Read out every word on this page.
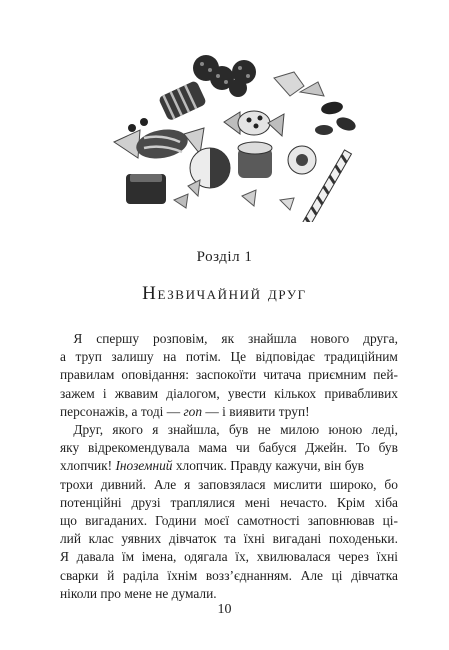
Розділ 1
Незвичайний друг
Я спершу розповім, як знайшла нового друга,
а труп залишу на потім. Це відповідає традиційним
правилам оповідання: заспокоїти читача приємним пей-
зажем і жвавим діалогом, увести кількох привабливих
персонажів, а тоді — гоп — і виявити труп!
Друг, якого я знайшла, був не милою юною леді,
яку відрекомендувала мама чи бабуся Джейн. То був
хлопчик! Іноземний хлопчик. Правду кажучи, він був
трохи дивний. Але я заповзялася мислити широко, бо
потенційні друзі траплялися мені нечасто. Крім хіба
що вигаданих. Години моєї самотності заповнював ці-
лий клас уявних дівчаток та їхні вигадані походеньки.
Я давала їм імена, одягала їх, хвилювалася через їхні
сварки й раділа їхнім возз’єднанням. Але ці дівчатка
ніколи про мене не думали.
10
